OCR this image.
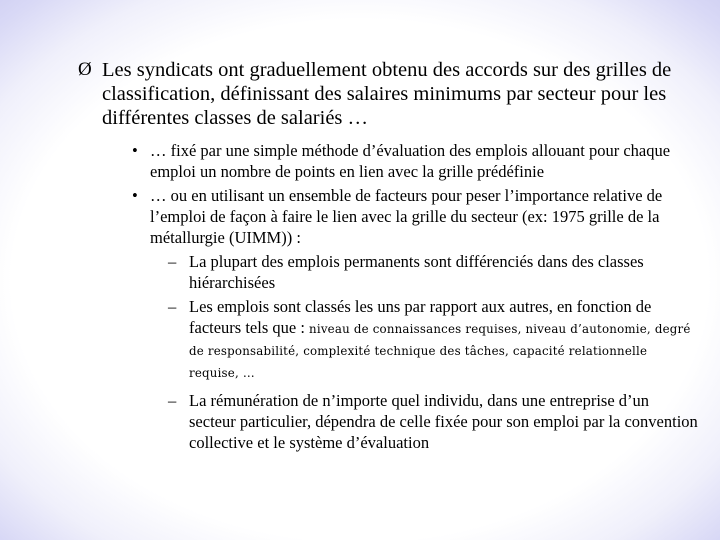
Ø Les syndicats ont graduellement obtenu des accords sur des grilles de classification, définissant des salaires minimums par secteur pour les différentes classes de salariés …
• … fixé par une simple méthode d’évaluation des emplois allouant pour chaque emploi un nombre de points en lien avec la grille prédéfinie
• … ou en utilisant un ensemble de facteurs pour peser l’importance relative de l’emploi de façon à faire le lien avec la grille du secteur (ex: 1975 grille de la métallurgie (UIMM)) :
– La plupart des emplois permanents sont différenciés dans des classes hiérarchisées
– Les emplois sont classés les uns par rapport aux autres, en fonction de facteurs tels que : niveau de connaissances requises, niveau d’autonomie, degré de responsabilité, complexité technique des tâches, capacité relationnelle requise, …
– La rémunération de n’importe quel individu, dans une entreprise d’un secteur particulier, dépendra de celle fixée pour son emploi par la convention collective et le système d’évaluation
